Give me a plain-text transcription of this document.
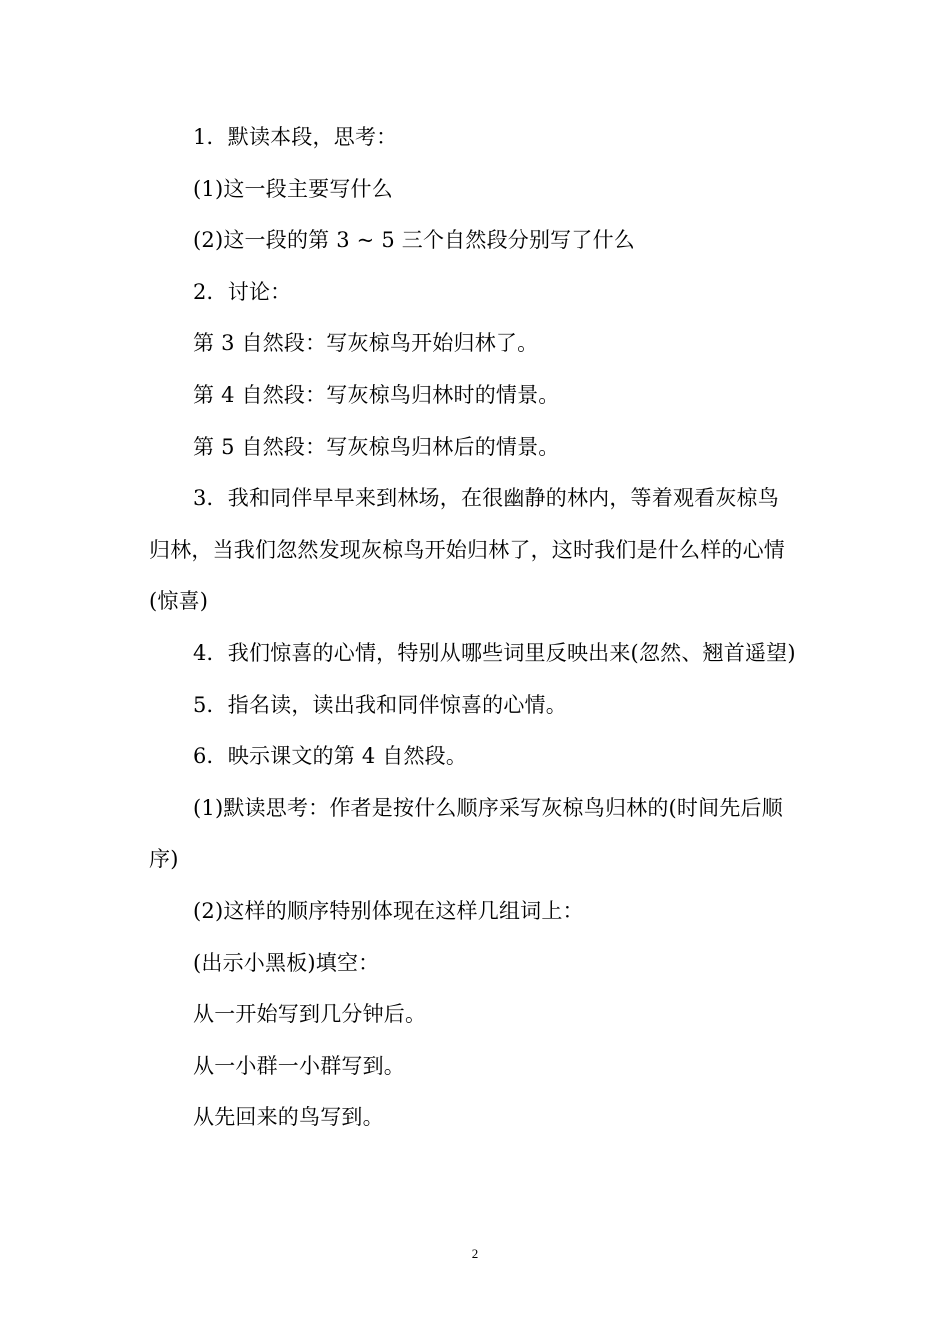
1．默读本段，思考：

(1)这一段主要写什么

(2)这一段的第 3 ~ 5 三个自然段分别写了什么

2．讨论：

第 3 自然段：写灰椋鸟开始归林了。

第 4 自然段：写灰椋鸟归林时的情景。

第 5 自然段：写灰椋鸟归林后的情景。

3．我和同伴早早来到林场，在很幽静的林内，等着观看灰椋鸟归林，当我们忽然发现灰椋鸟开始归林了，这时我们是什么样的心情(惊喜)

4．我们惊喜的心情，特别从哪些词里反映出来(忽然、翘首遥望)

5．指名读，读出我和同伴惊喜的心情。

6．映示课文的第 4 自然段。

(1)默读思考：作者是按什么顺序采写灰椋鸟归林的(时间先后顺序)

(2)这样的顺序特别体现在这样几组词上：

(出示小黑板)填空：

从一开始写到几分钟后。

从一小群一小群写到。

从先回来的鸟写到。

2
